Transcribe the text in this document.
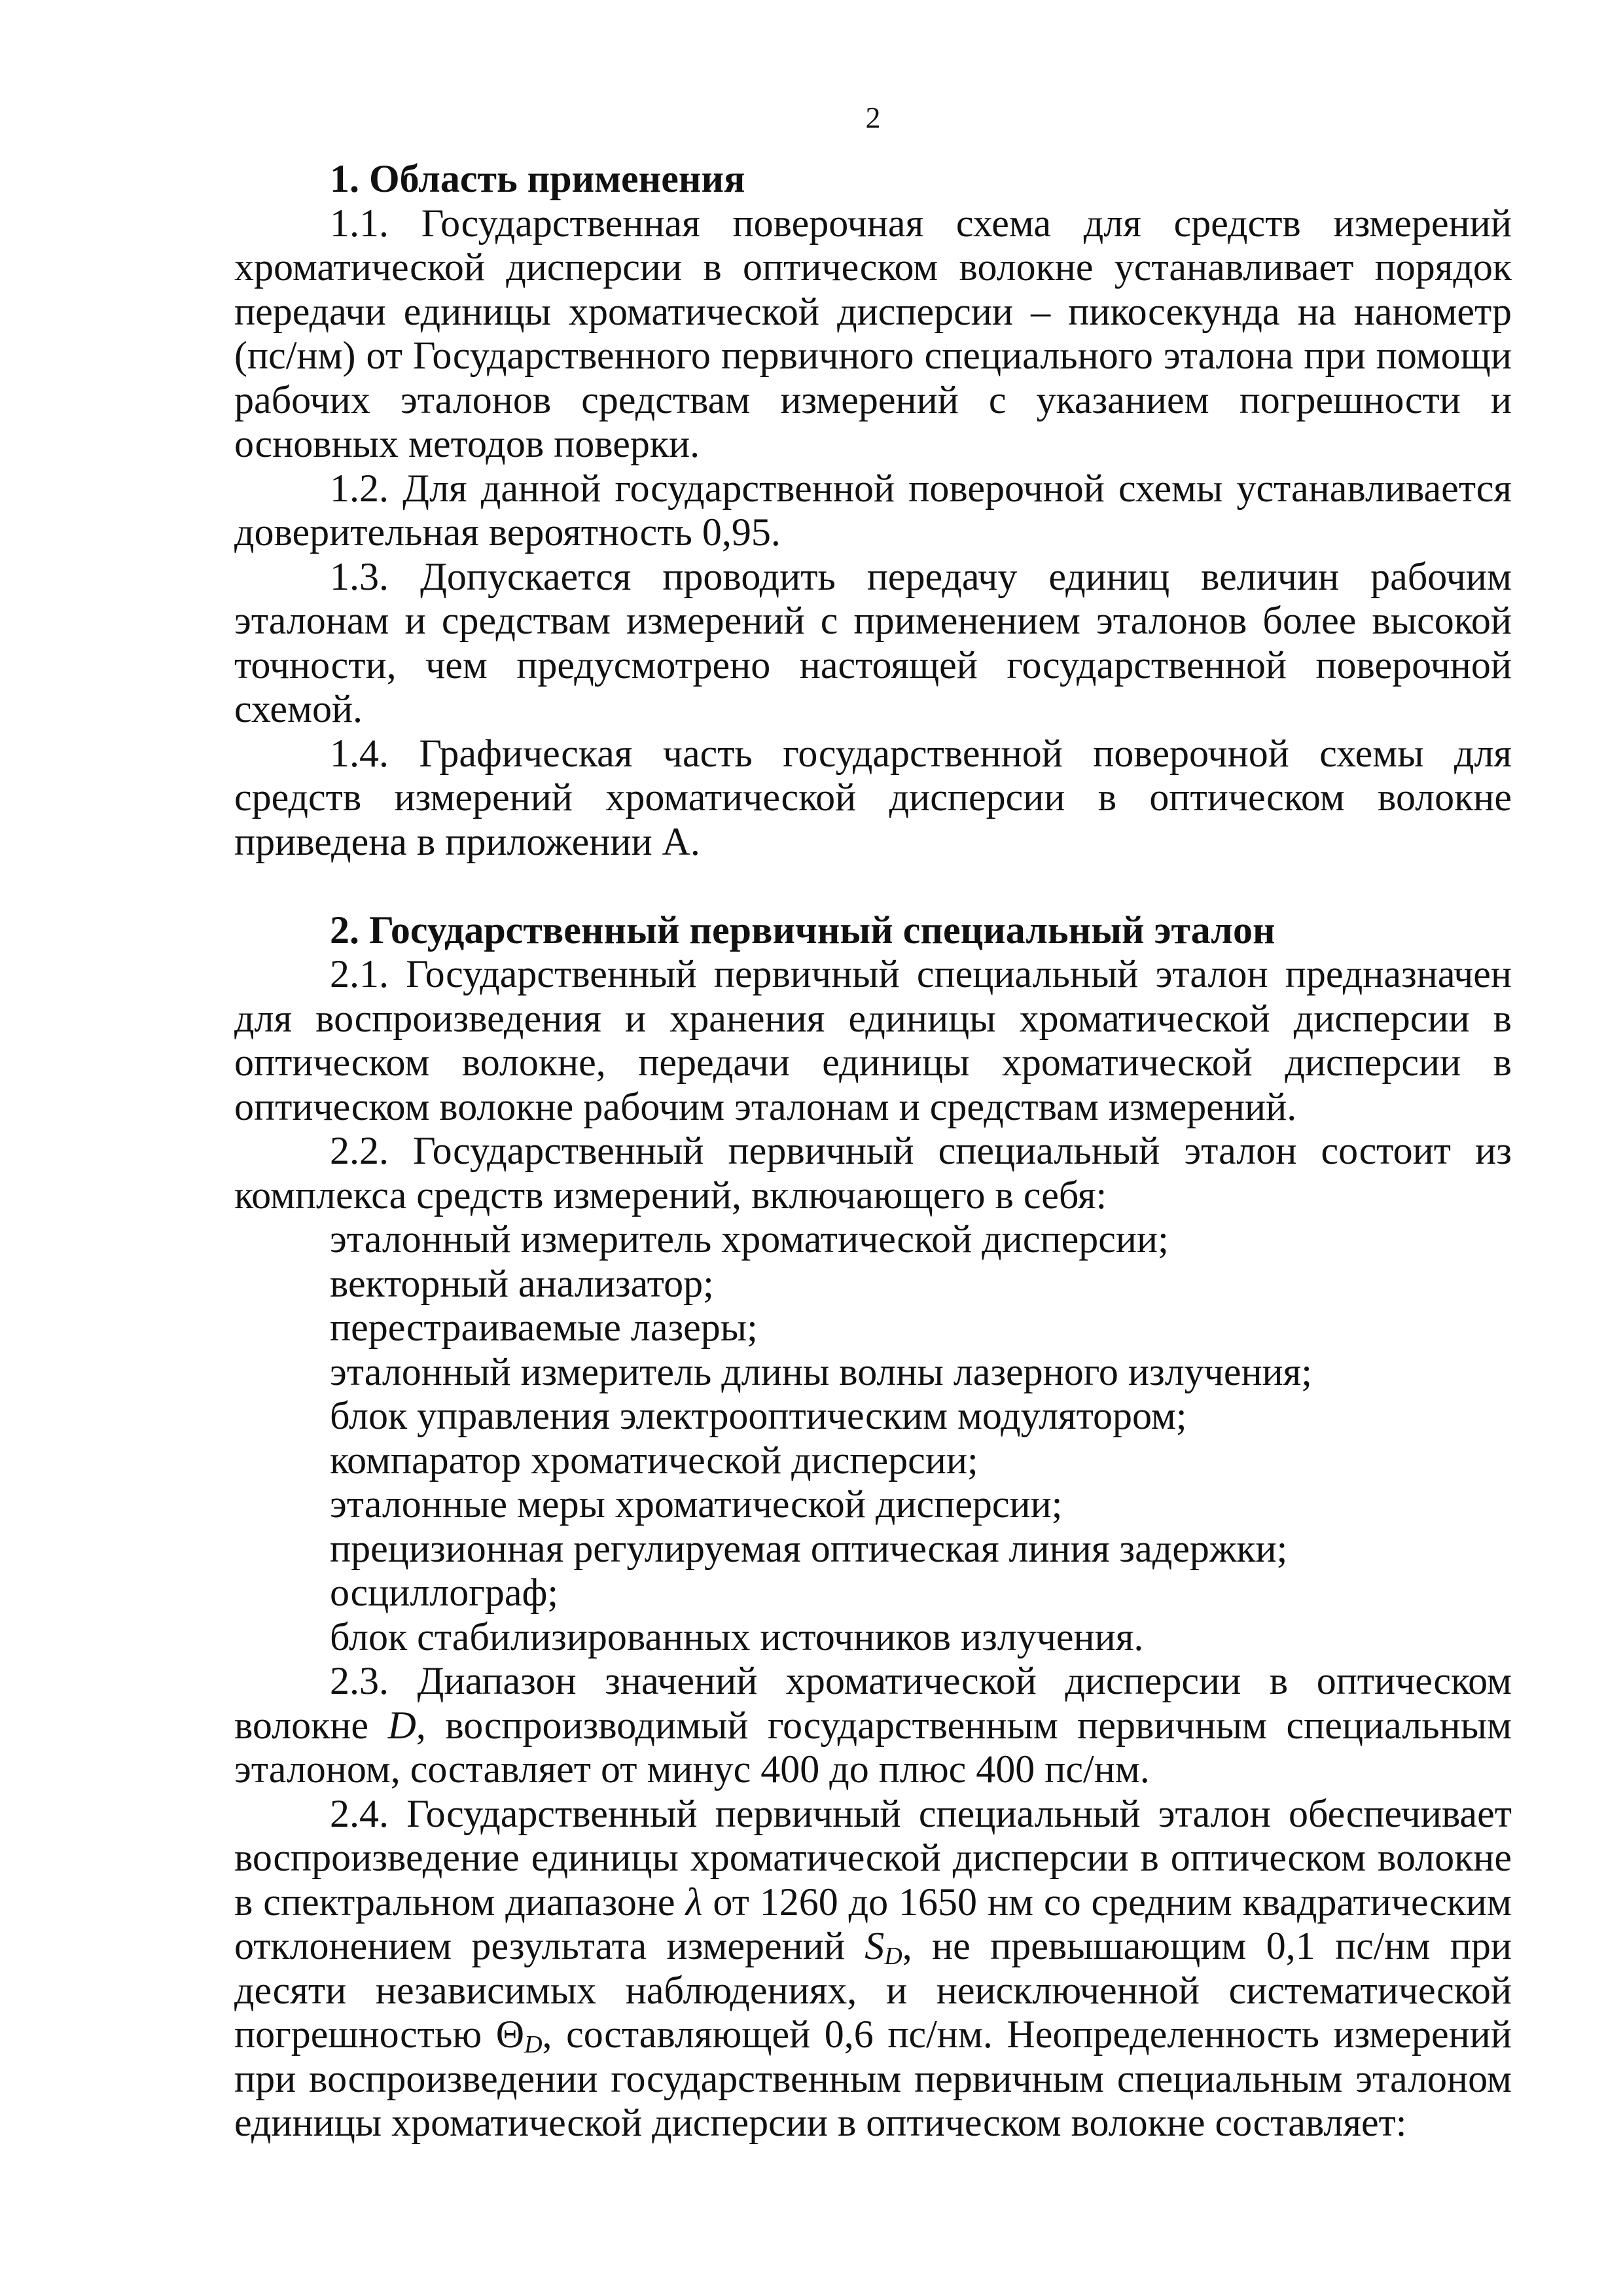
2
1. Область применения

1.1. Государственная поверочная схема для средств измерений хроматической дисперсии в оптическом волокне устанавливает порядок передачи единицы хроматической дисперсии – пикосекунда на нанометр (пс/нм) от Государственного первичного специального эталона при помощи рабочих эталонов средствам измерений с указанием погрешности и основных методов поверки.

1.2. Для данной государственной поверочной схемы устанавливается доверительная вероятность 0,95.

1.3. Допускается проводить передачу единиц величин рабочим эталонам и средствам измерений с применением эталонов более высокой точности, чем предусмотрено настоящей государственной поверочной схемой.

1.4. Графическая часть государственной поверочной схемы для средств измерений хроматической дисперсии в оптическом волокне приведена в приложении А.

2. Государственный первичный специальный эталон

2.1. Государственный первичный специальный эталон предназначен для воспроизведения и хранения единицы хроматической дисперсии в оптическом волокне, передачи единицы хроматической дисперсии в оптическом волокне рабочим эталонам и средствам измерений.

2.2. Государственный первичный специальный эталон состоит из комплекса средств измерений, включающего в себя:

эталонный измеритель хроматической дисперсии;
векторный анализатор;
перестраиваемые лазеры;
эталонный измеритель длины волны лазерного излучения;
блок управления электрооптическим модулятором;
компаратор хроматической дисперсии;
эталонные меры хроматической дисперсии;
прецизионная регулируемая оптическая линия задержки;
осциллограф;
блок стабилизированных источников излучения.

2.3. Диапазон значений хроматической дисперсии в оптическом волокне D, воспроизводимый государственным первичным специальным эталоном, составляет от минус 400 до плюс 400 пс/нм.

2.4. Государственный первичный специальный эталон обеспечивает воспроизведение единицы хроматической дисперсии в оптическом волокне в спектральном диапазоне λ от 1260 до 1650 нм со средним квадратическим отклонением результата измерений $S_D$, не превышающим 0,1 пс/нм при десяти независимых наблюдениях, и неисключенной систематической погрешностью $\Theta_D$, составляющей 0,6 пс/нм. Неопределенность измерений при воспроизведении государственным первичным специальным эталоном единицы хроматической дисперсии в оптическом волокне составляет:
